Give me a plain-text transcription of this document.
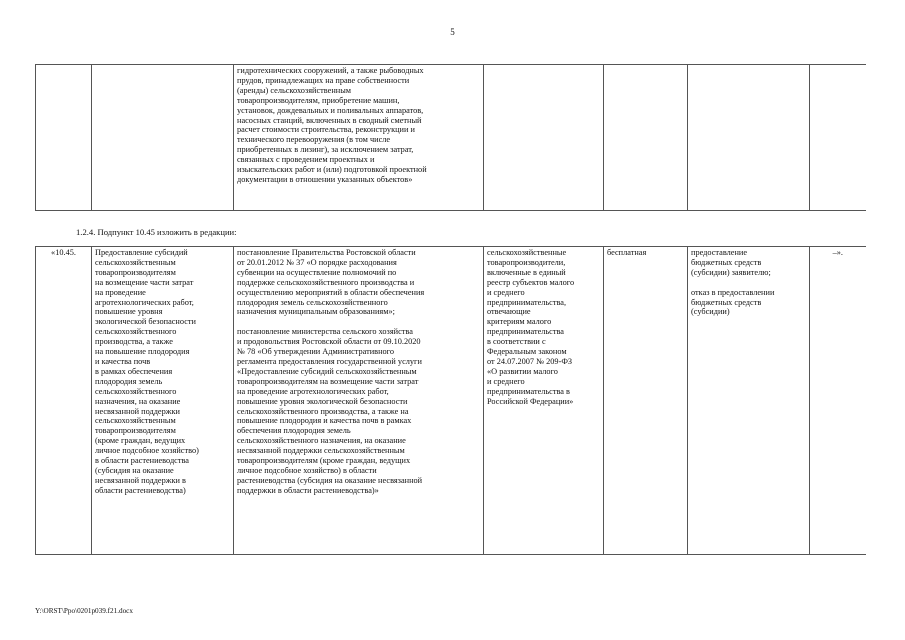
5
		гидротехнических сооружений, а также рыбоводных
прудов, принадлежащих на праве собственности
(аренды) сельскохозяйственным
товаропроизводителям, приобретение машин,
установок, дождевальных и поливальных аппаратов,
насосных станций, включенных в сводный сметный
расчет стоимости строительства, реконструкции и
технического перевооружения (в том числе
приобретенных в лизинг), за исключением затрат,
связанных с проведением проектных и
изыскательских работ и (или) подготовкой проектной
документации в отношении указанных объектов»				
1.2.4. Подпункт 10.45 изложить в редакции:
«10.45.	Предоставление субсидий
сельскохозяйственным
товаропроизводителям
на возмещение части затрат
на проведение
агротехнологических работ,
повышение уровня
экологической безопасности
сельскохозяйственного
производства, а также
на повышение плодородия
и качества почв
в рамках обеспечения
плодородия земель
сельскохозяйственного
назначения, на оказание
несвязанной поддержки
сельскохозяйственным
товаропроизводителям
(кроме граждан, ведущих
личное подсобное хозяйство)
в области растениеводства
(субсидия на оказание
несвязанной поддержки в
области растениеводства)	постановление Правительства Ростовской области
от 20.01.2012 № 37 «О порядке расходования
субвенции на осуществление полномочий по
поддержке сельскохозяйственного производства и
осуществлению мероприятий в области обеспечения
плодородия земель сельскохозяйственного
назначения муниципальным образованиям»;

постановление министерства сельского хозяйства
и продовольствия Ростовской области от 09.10.2020
№ 78 «Об утверждении Административного
регламента предоставления государственной услуги
«Предоставление субсидий сельскохозяйственным
товаропроизводителям на возмещение части затрат
на проведение агротехнологических работ,
повышение уровня экологической безопасности
сельскохозяйственного производства, а также на
повышение плодородия и качества почв в рамках
обеспечения плодородия земель
сельскохозяйственного назначения, на оказание
несвязанной поддержки сельскохозяйственным
товаропроизводителям (кроме граждан, ведущих
личное подсобное хозяйство) в области
растениеводства (субсидия на оказание несвязанной
поддержки в области растениеводства)»	сельскохозяйственные
товаропроизводители,
включенные в единый
реестр субъектов малого
и среднего
предпринимательства,
отвечающие
критериям малого
предпринимательства
в соответствии с
Федеральным законом
от 24.07.2007 № 209-ФЗ
«О развитии малого
и среднего
предпринимательства в
Российской Федерации»	бесплатная	предоставление
бюджетных средств
(субсидии) заявителю;

отказ в предоставлении
бюджетных средств
(субсидии)	–».
Y:\ORST\Ppo\0201p039.f21.docx
